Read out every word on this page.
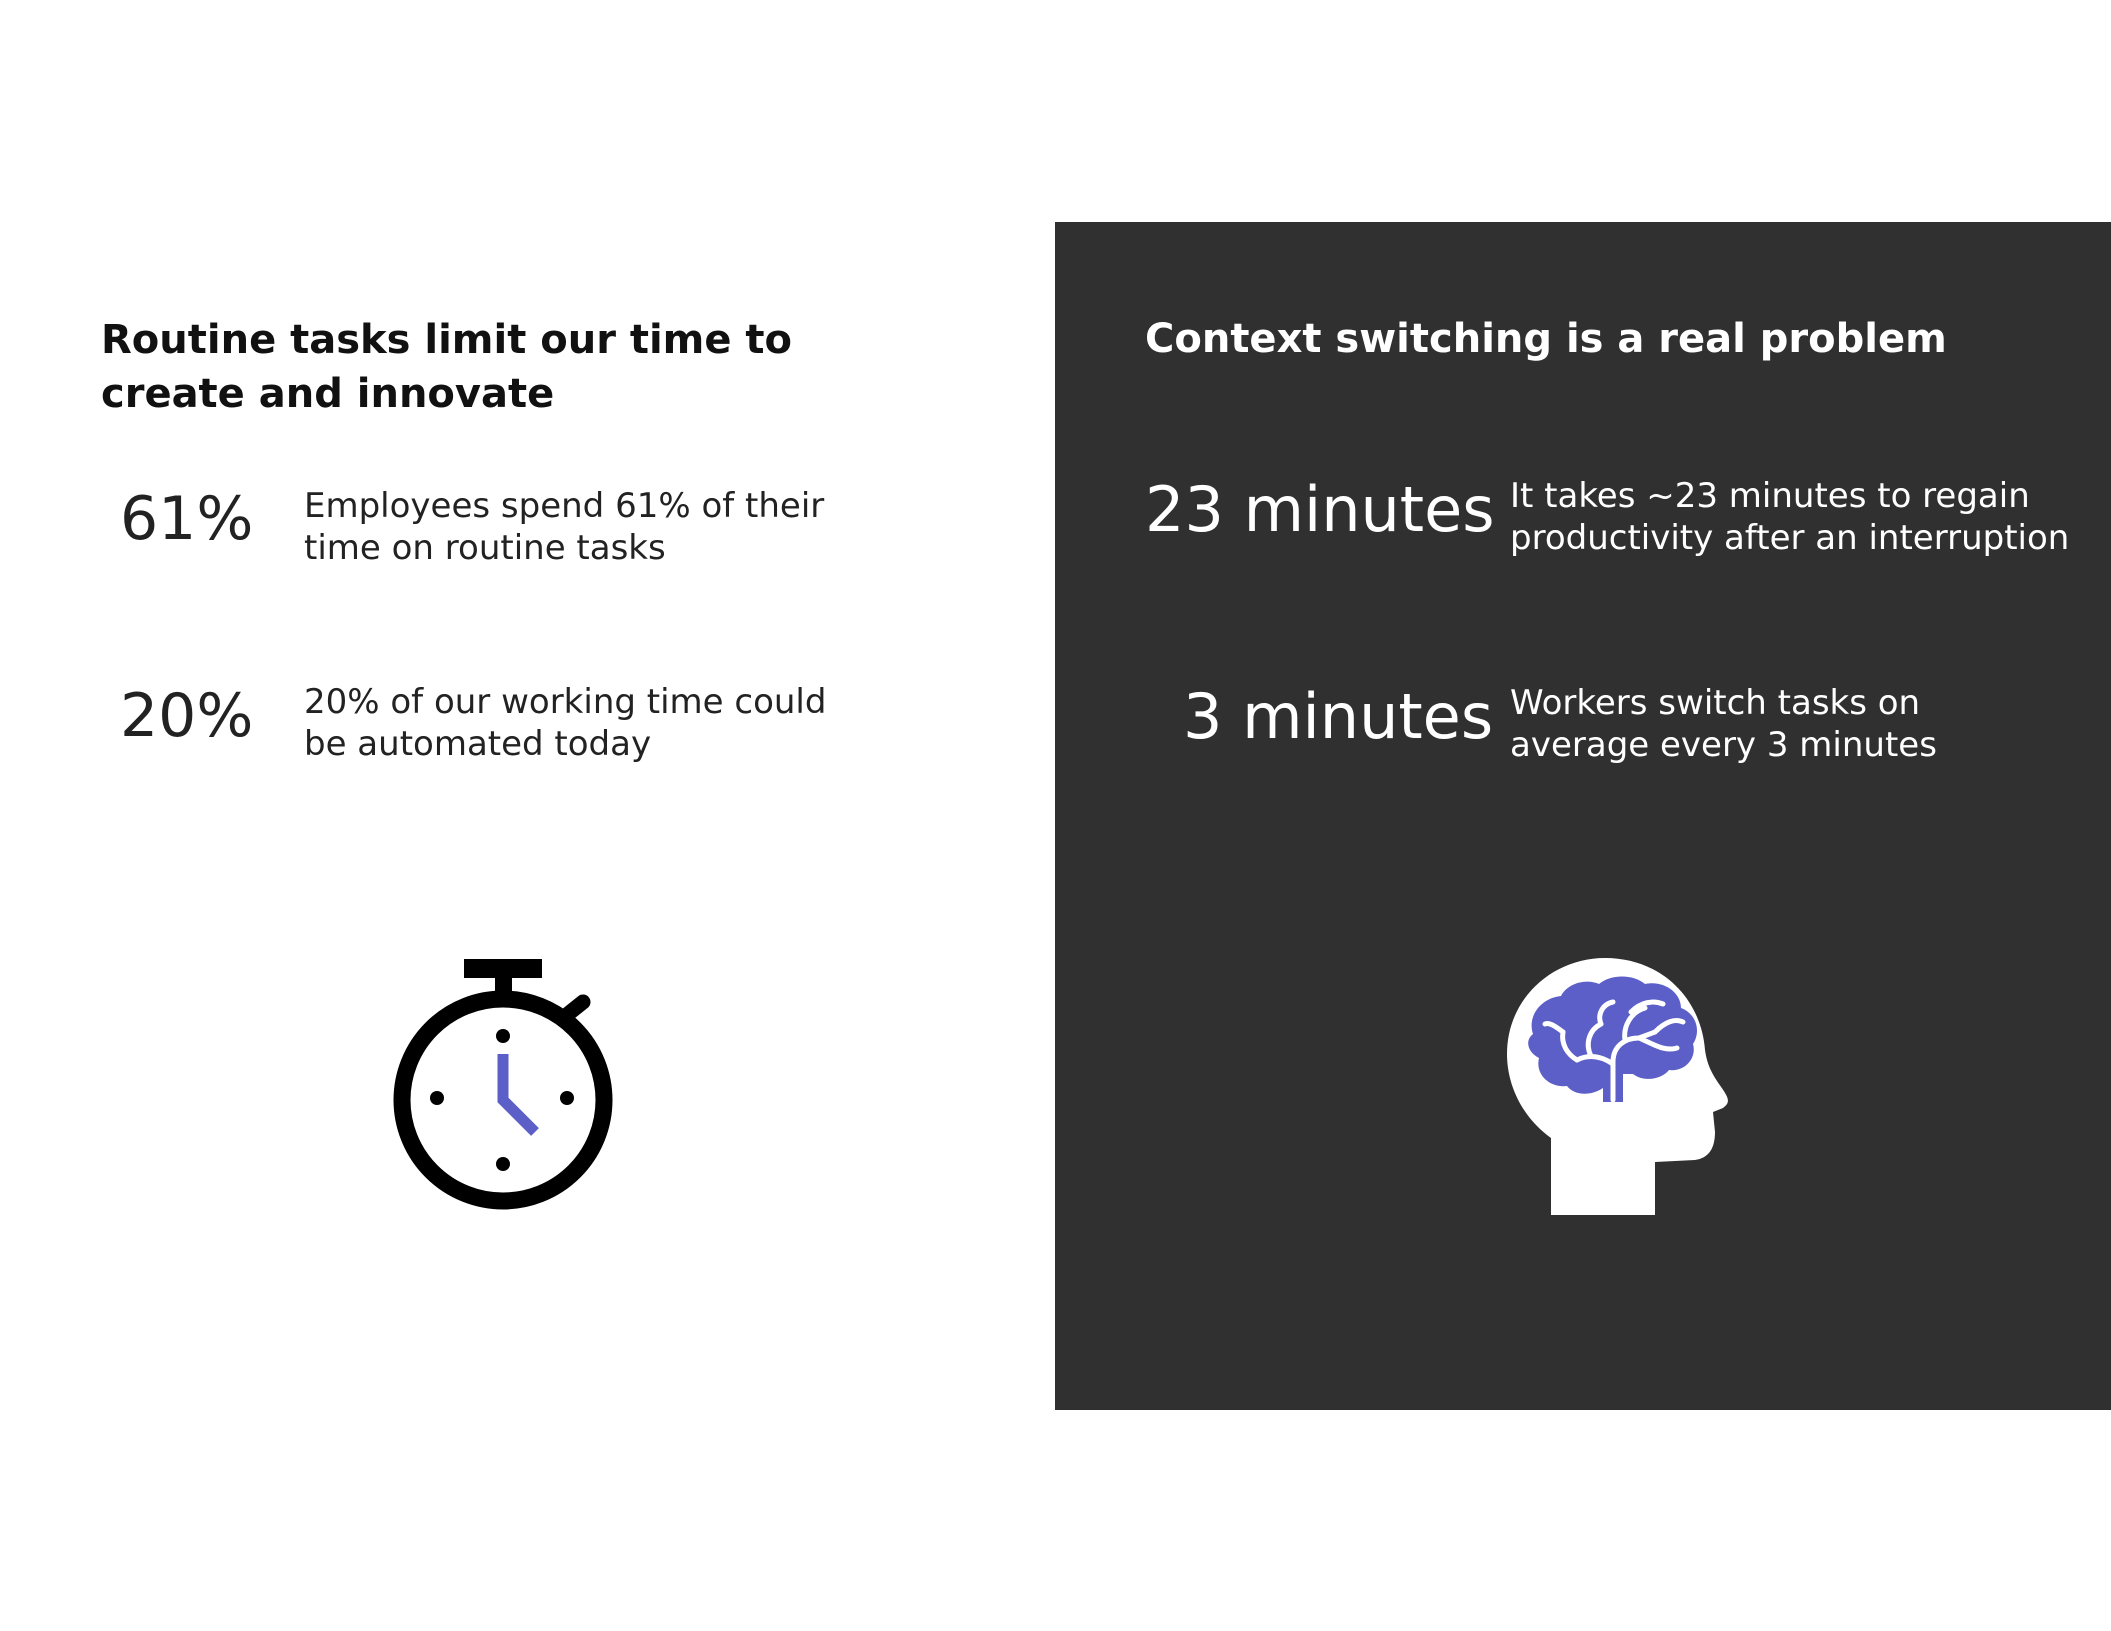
Routine tasks limit our time to create and innovate
61% Employees spend 61% of their time on routine tasks
20% 20% of our working time could be automated today
Context switching is a real problem
23 minutes It takes ~23 minutes to regain productivity after an interruption
3 minutes Workers switch tasks on average every 3 minutes
